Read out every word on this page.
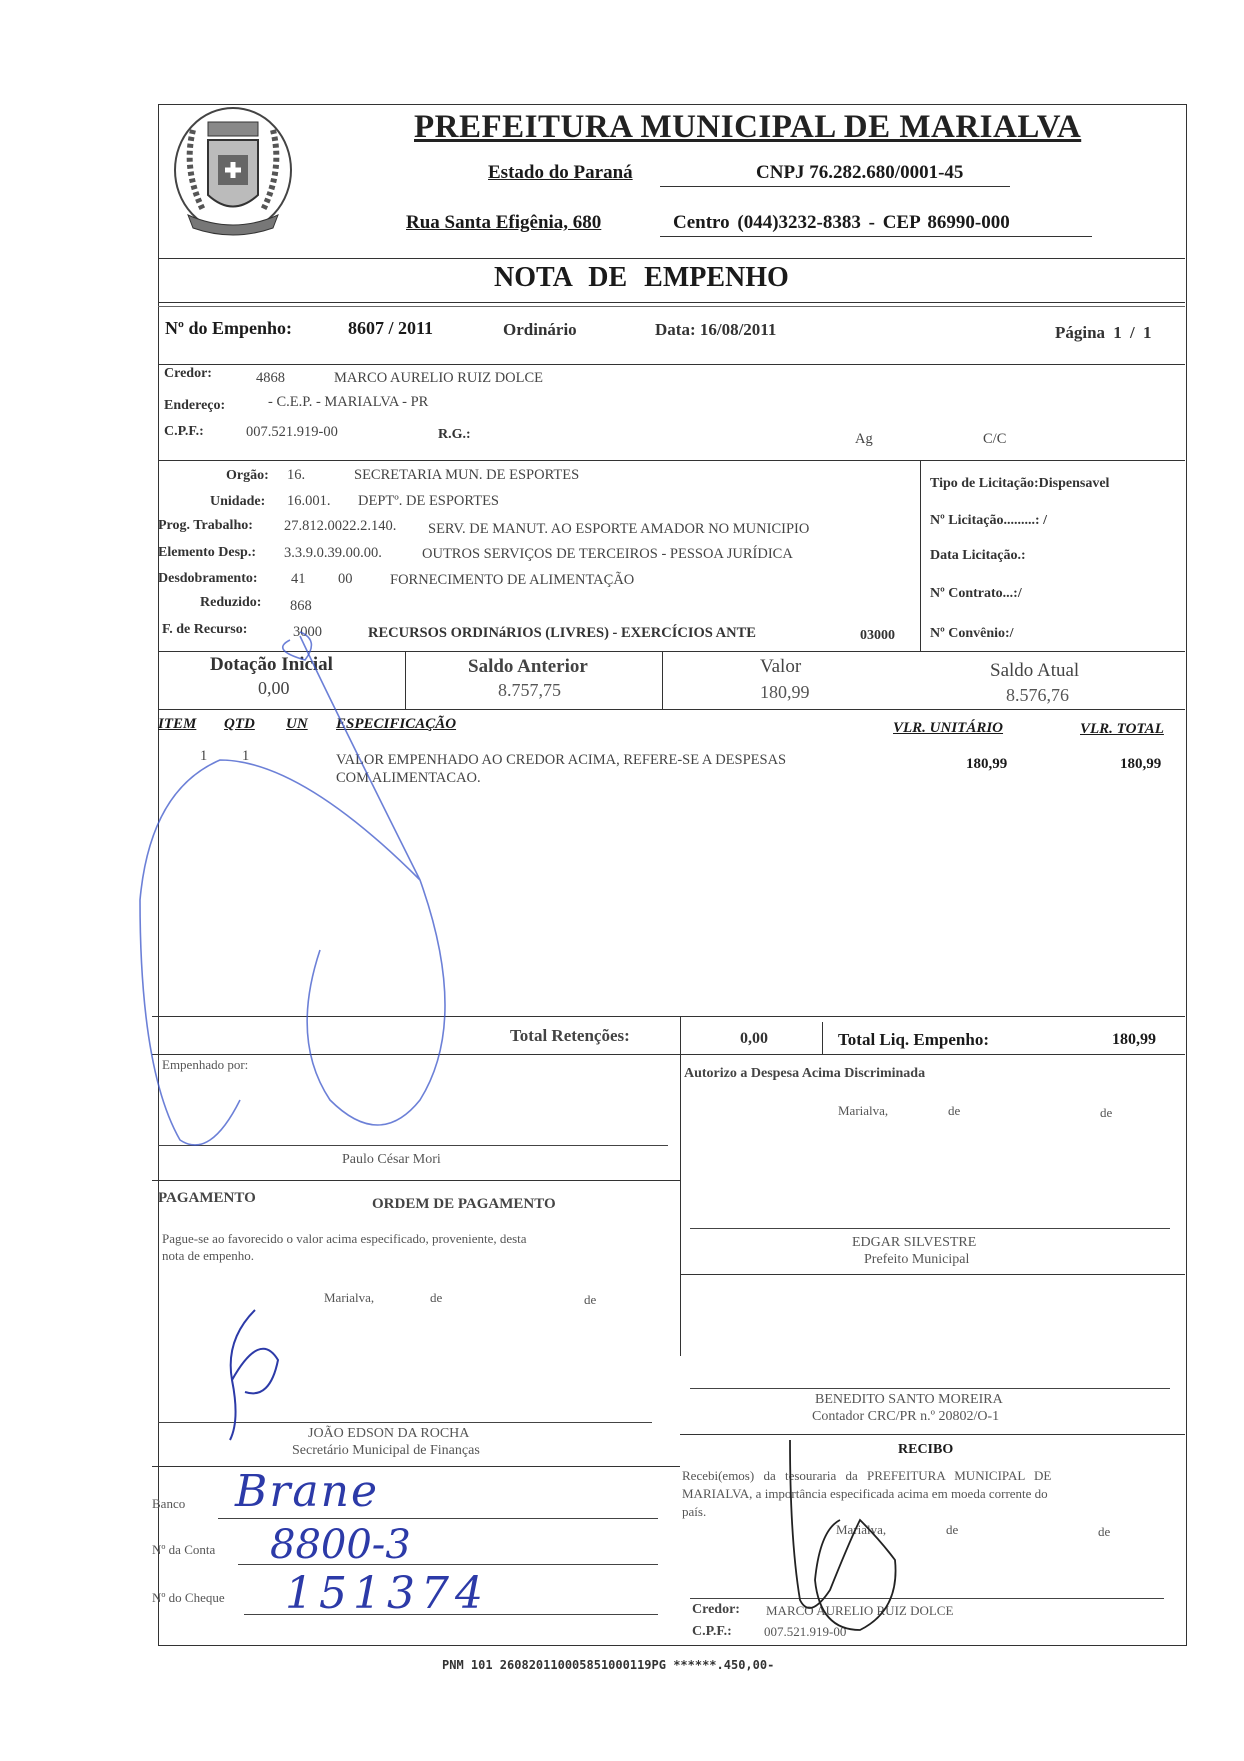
PREFEITURA MUNICIPAL DE MARIALVA
Estado do Paraná	CNPJ 76.282.680/0001-45
Rua Santa Efigênia, 680	Centro (044)3232-8383 - CEP 86990-000
NOTA DE EMPENHO
Nº do Empenho:	8607 / 2011	Ordinário	Data: 16/08/2011	Página 1 / 1
Credor:	4868	MARCO AURELIO RUIZ DOLCE
Endereço:	- C.E.P. - MARIALVA - PR
C.P.F.:	007.521.919-00	R.G.:	Ag	C/C
Orgão: 16.	SECRETARIA MUN. DE ESPORTES
Unidade: 16.001. DEPTº. DE ESPORTES
Prog. Trabalho: 27.812.0022.2.140. SERV. DE MANUT. AO ESPORTE AMADOR NO MUNICIPIO
Elemento Desp.: 3.3.9.0.39.00.00.	OUTROS SERVIÇOS DE TERCEIROS - PESSOA JURÍDICA
Desdobramento: 41 00	FORNECIMENTO DE ALIMENTAÇÃO
Reduzido: 868
F. de Recurso:	3000	RECURSOS ORDINáRIOS (LIVRES) - EXERCÍCIOS ANTE	03000
Tipo de Licitação:Dispensavel
Nº Licitação.........: /
Data Licitação.:
Nº Contrato...:/
Nº Convênio:/
Dotação Inicial
0,00
Saldo Anterior
8.757,75
Valor
180,99
Saldo Atual
8.576,76
ITEM QTD UN ESPECIFICAÇÃO	VLR. UNITÁRIO	VLR. TOTAL
1 1	VALOR EMPENHADO AO CREDOR ACIMA, REFERE-SE A DESPESAS
COM ALIMENTACAO.
180,99	180,99
Total Retenções:	0,00	Total Liq. Empenho:	180,99
Empenhado por:
Paulo César Mori
Autorizo a Despesa Acima Discriminada
Marialva,	de	de
EDGAR SILVESTRE
Prefeito Municipal
PAGAMENTO	ORDEM DE PAGAMENTO
Pague-se ao favorecido o valor acima especificado, proveniente, desta
nota de empenho.
Marialva,	de	de
JOÃO EDSON DA ROCHA
Secretário Municipal de Finanças
Banco
Nº da Conta
Nº do Cheque
BENEDITO SANTO MOREIRA
Contador CRC/PR n.º 20802/O-1
RECIBO
Recebi(emos) da tesouraria da PREFEITURA MUNICIPAL DE
MARIALVA, a importância especificada acima em moeda corrente do
país.
Marialva,	de	de
Credor: MARCO AURELIO RUIZ DOLCE
C.P.F.: 007.521.919-00
PNM 101 260820110005851000119PG ******.450,00-
Brane
8800-3
151374
